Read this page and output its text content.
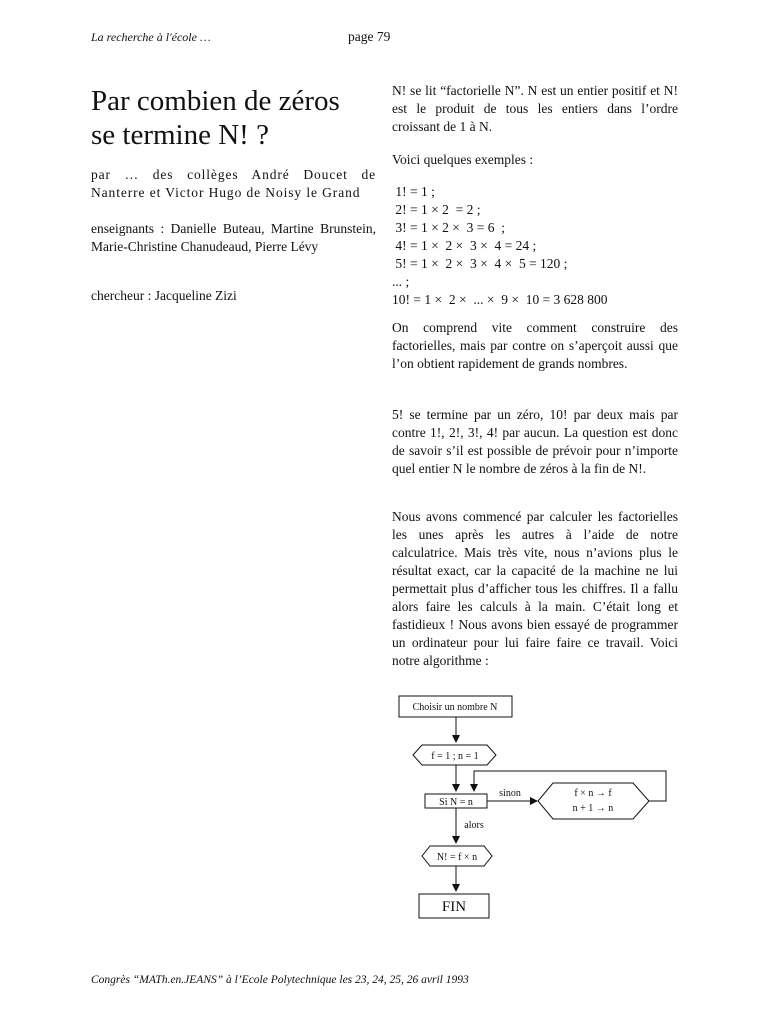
La recherche à l'école …	page 79
Par combien de zéros
se termine N! ?
par … des collèges André Doucet de Nanterre et Victor Hugo de Noisy le Grand
enseignants : Danielle Buteau, Martine Brunstein, Marie-Christine Chanudeaud, Pierre Lévy
chercheur : Jacqueline Zizi

N! se lit “factorielle N”. N est un entier positif et N! est le produit de tous les entiers dans l’ordre croissant de 1 à N.

Voici quelques exemples :

1! = 1 ;
2! = 1 × 2  = 2 ;
3! = 1 × 2 ×  3 = 6  ;
4! = 1 ×  2 ×  3 ×  4 = 24 ;
5! = 1 ×  2 ×  3 ×  4 ×  5 = 120 ;
... ;
10! = 1 ×  2 ×  ... ×  9 ×  10 = 3 628 800

On comprend vite comment construire des factorielles, mais par contre on s’aperçoit aussi que l’on obtient rapidement de grands nombres.

5! se termine par un zéro, 10! par deux mais par contre 1!, 2!, 3!, 4! par aucun. La question est donc de savoir s’il est possible de prévoir pour n’importe quel entier N le nombre de zéros à la fin de N!.

Nous avons commencé par calculer les factorielles les unes après les autres à l’aide de notre calculatrice. Mais très vite, nous n’avions plus le résultat exact, car la capacité de la machine ne lui permettait plus d’afficher tous les chiffres. Il a fallu alors faire les calculs à la main. C’était long et fastidieux ! Nous avons bien essayé de programmer un ordinateur pour lui faire faire ce travail. Voici notre algorithme :

Choisir un nombre N
f = 1 ; n = 1
Si N = n
sinon	f × n → f
n + 1 → n
alors
N! = f × n
FIN
Congrès “MATh.en.JEANS” à l’Ecole Polytechnique les 23, 24, 25, 26 avril 1993
